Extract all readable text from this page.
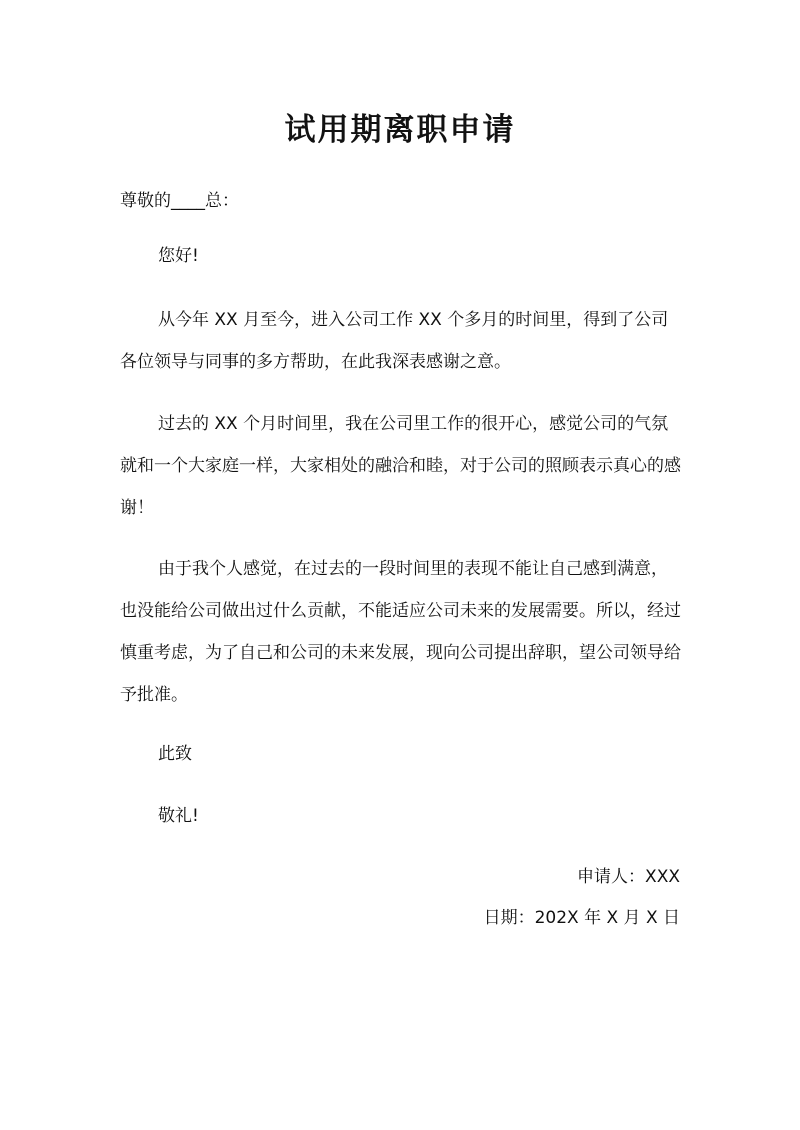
试用期离职申请

尊敬的____总：

您好!

从今年 XX 月至今，进入公司工作 XX 个多月的时间里，得到了公司各位领导与同事的多方帮助，在此我深表感谢之意。

过去的 XX 个月时间里，我在公司里工作的很开心，感觉公司的气氛就和一个大家庭一样，大家相处的融洽和睦，对于公司的照顾表示真心的感谢！

由于我个人感觉，在过去的一段时间里的表现不能让自己感到满意，也没能给公司做出过什么贡献，不能适应公司未来的发展需要。所以，经过慎重考虑，为了自己和公司的未来发展，现向公司提出辞职，望公司领导给予批准。

此致

敬礼!

申请人：XXX

日期：202X 年 X 月 X 日
